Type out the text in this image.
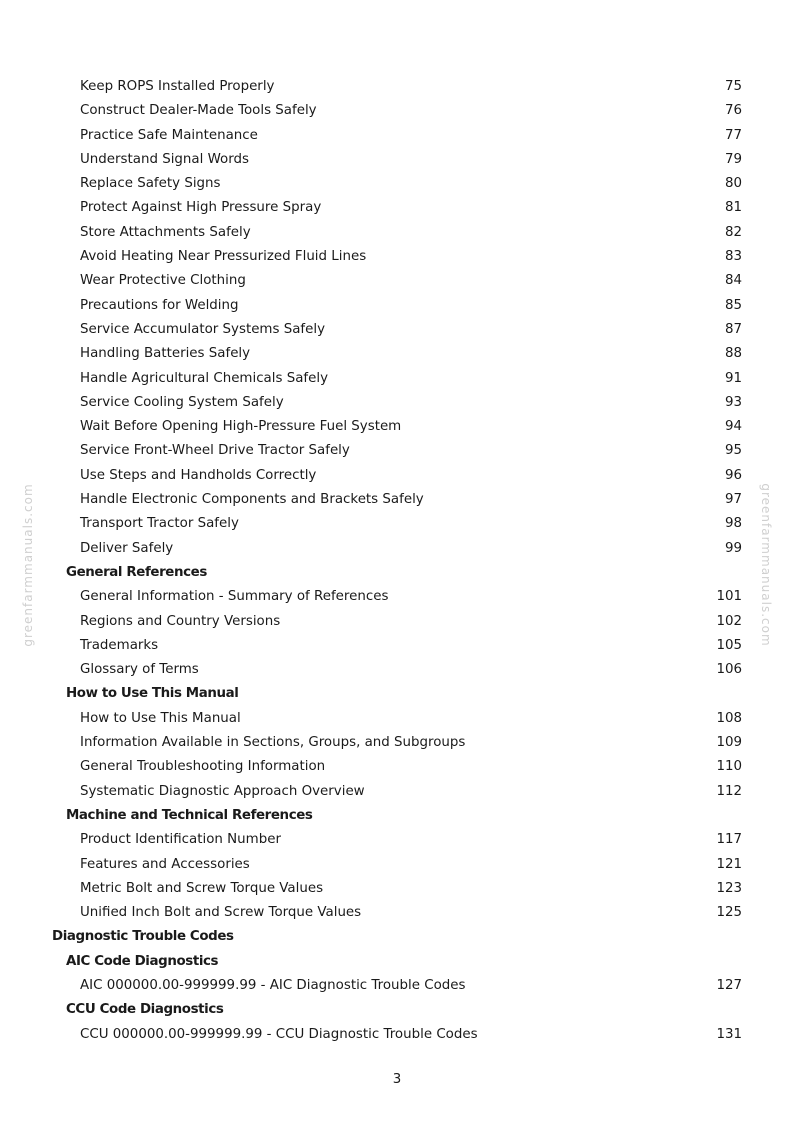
greenfarmmanuals.com	greenfarmmanuals.com
Keep ROPS Installed Properly	75
Construct Dealer-Made Tools Safely	76
Practice Safe Maintenance	77
Understand Signal Words	79
Replace Safety Signs	80
Protect Against High Pressure Spray	81
Store Attachments Safely	82
Avoid Heating Near Pressurized Fluid Lines	83
Wear Protective Clothing	84
Precautions for Welding	85
Service Accumulator Systems Safely	87
Handling Batteries Safely	88
Handle Agricultural Chemicals Safely	91
Service Cooling System Safely	93
Wait Before Opening High-Pressure Fuel System	94
Service Front-Wheel Drive Tractor Safely	95
Use Steps and Handholds Correctly	96
Handle Electronic Components and Brackets Safely	97
Transport Tractor Safely	98
Deliver Safely	99
General References
General Information - Summary of References	101
Regions and Country Versions	102
Trademarks	105
Glossary of Terms	106
How to Use This Manual
How to Use This Manual	108
Information Available in Sections, Groups, and Subgroups	109
General Troubleshooting Information	110
Systematic Diagnostic Approach Overview	112
Machine and Technical References
Product Identification Number	117
Features and Accessories	121
Metric Bolt and Screw Torque Values	123
Unified Inch Bolt and Screw Torque Values	125
Diagnostic Trouble Codes
AIC Code Diagnostics
AIC 000000.00-999999.99 - AIC Diagnostic Trouble Codes	127
CCU Code Diagnostics
CCU 000000.00-999999.99 - CCU Diagnostic Trouble Codes	131
3
